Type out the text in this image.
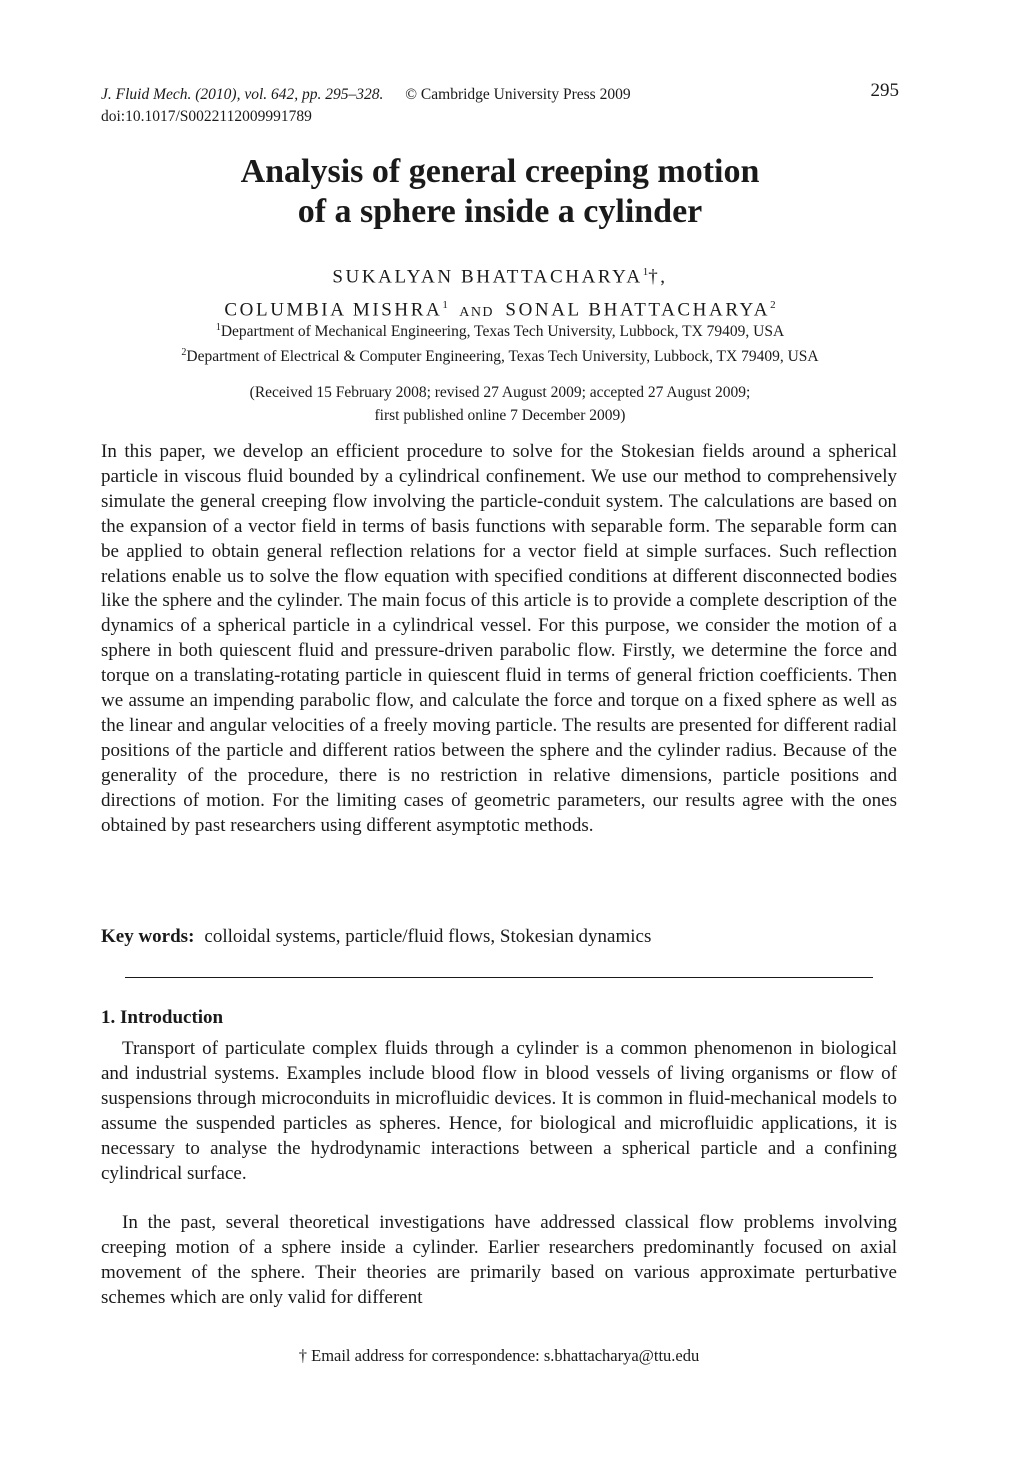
J. Fluid Mech. (2010), vol. 642, pp. 295–328. © Cambridge University Press 2009
doi:10.1017/S0022112009991789
295
Analysis of general creeping motion
of a sphere inside a cylinder
SUKALYAN BHATTACHARYA$^1$†,
COLUMBIA MISHRA$^1$ AND SONAL BHATTACHARYA$^2$
$^1$Department of Mechanical Engineering, Texas Tech University, Lubbock, TX 79409, USA
$^2$Department of Electrical & Computer Engineering, Texas Tech University, Lubbock, TX 79409, USA
(Received 15 February 2008; revised 27 August 2009; accepted 27 August 2009;
first published online 7 December 2009)
In this paper, we develop an efficient procedure to solve for the Stokesian fields around a spherical particle in viscous fluid bounded by a cylindrical confinement. We use our method to comprehensively simulate the general creeping flow involving the particle-conduit system. The calculations are based on the expansion of a vector field in terms of basis functions with separable form. The separable form can be applied to obtain general reflection relations for a vector field at simple surfaces. Such reflection relations enable us to solve the flow equation with specified conditions at different disconnected bodies like the sphere and the cylinder. The main focus of this article is to provide a complete description of the dynamics of a spherical particle in a cylindrical vessel. For this purpose, we consider the motion of a sphere in both quiescent fluid and pressure-driven parabolic flow. Firstly, we determine the force and torque on a translating-rotating particle in quiescent fluid in terms of general friction coefficients. Then we assume an impending parabolic flow, and calculate the force and torque on a fixed sphere as well as the linear and angular velocities of a freely moving particle. The results are presented for different radial positions of the particle and different ratios between the sphere and the cylinder radius. Because of the generality of the procedure, there is no restriction in relative dimensions, particle positions and directions of motion. For the limiting cases of geometric parameters, our results agree with the ones obtained by past researchers using different asymptotic methods.
Key words: colloidal systems, particle/fluid flows, Stokesian dynamics
1. Introduction

Transport of particulate complex fluids through a cylinder is a common phenomenon in biological and industrial systems. Examples include blood flow in blood vessels of living organisms or flow of suspensions through microconduits in microfluidic devices. It is common in fluid-mechanical models to assume the suspended particles as spheres. Hence, for biological and microfluidic applications, it is necessary to analyse the hydrodynamic interactions between a spherical particle and a confining cylindrical surface.

In the past, several theoretical investigations have addressed classical flow problems involving creeping motion of a sphere inside a cylinder. Earlier researchers predominantly focused on axial movement of the sphere. Their theories are primarily based on various approximate perturbative schemes which are only valid for different

† Email address for correspondence: s.bhattacharya@ttu.edu
